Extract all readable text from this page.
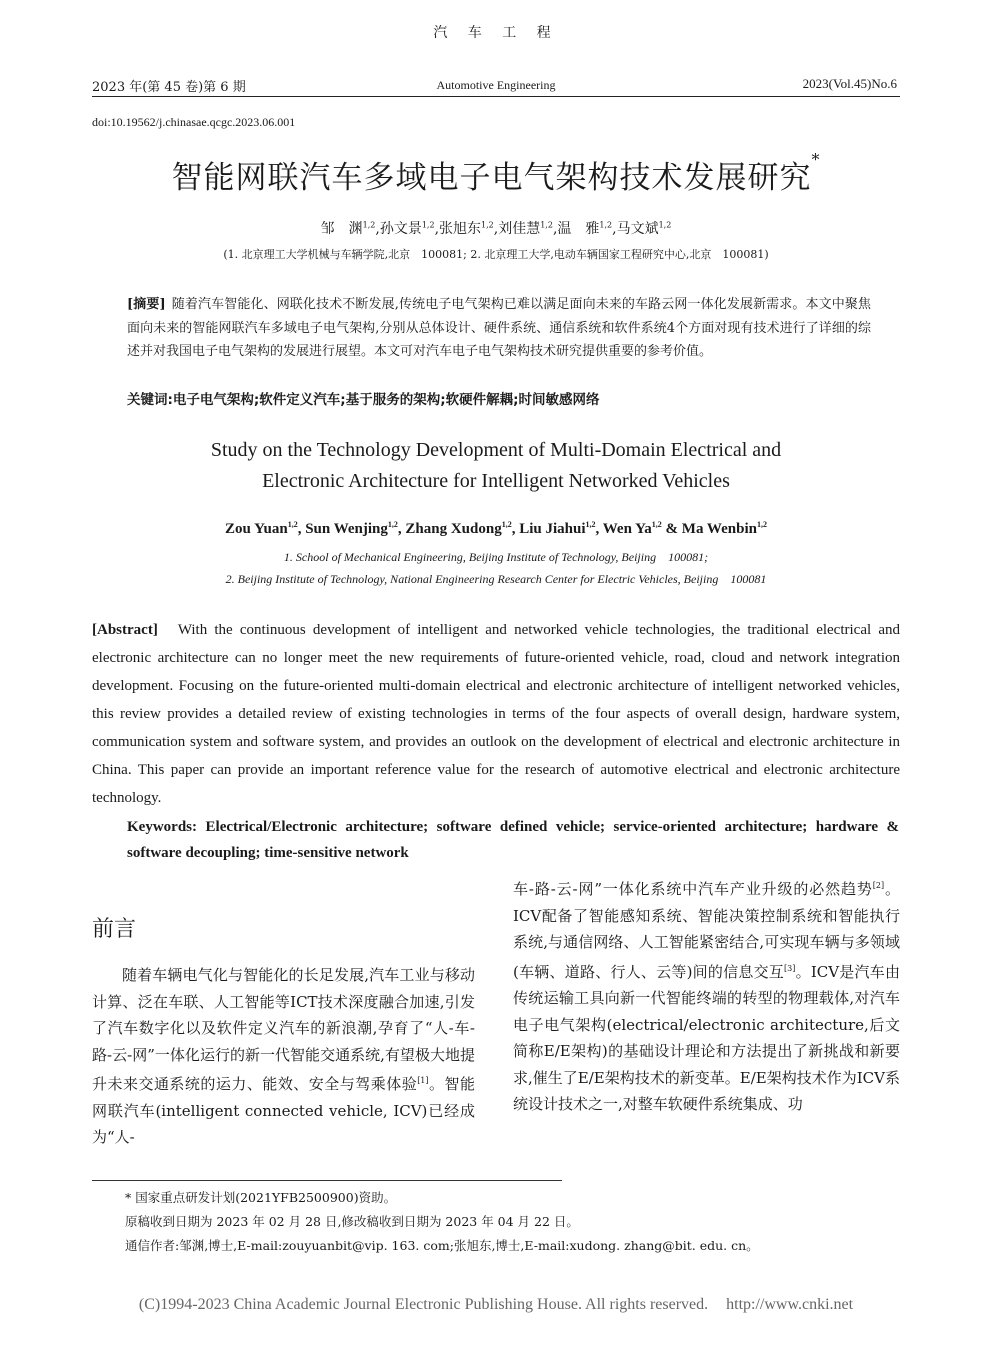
汽 车 工 程
2023 年(第 45 卷)第 6 期	Automotive Engineering	2023(Vol.45)No.6
doi:10.19562/j.chinasae.qcgc.2023.06.001
智能网联汽车多域电子电气架构技术发展研究*
邹　渊$^{1,2}$,孙文景$^{1,2}$,张旭东$^{1,2}$,刘佳慧$^{1,2}$,温　雅$^{1,2}$,马文斌$^{1,2}$
(1. 北京理工大学机械与车辆学院,北京　100081; 2. 北京理工大学,电动车辆国家工程研究中心,北京　100081)
[摘要] 随着汽车智能化、网联化技术不断发展,传统电子电气架构已难以满足面向未来的车路云网一体化发展新需求。本文中聚焦面向未来的智能网联汽车多域电子电气架构,分别从总体设计、硬件系统、通信系统和软件系统4个方面对现有技术进行了详细的综述并对我国电子电气架构的发展进行展望。本文可对汽车电子电气架构技术研究提供重要的参考价值。
关键词:电子电气架构;软件定义汽车;基于服务的架构;软硬件解耦;时间敏感网络
Study on the Technology Development of Multi-Domain Electrical and
Electronic Architecture for Intelligent Networked Vehicles
Zou Yuan$^{1,2}$, Sun Wenjing$^{1,2}$, Zhang Xudong$^{1,2}$, Liu Jiahui$^{1,2}$, Wen Ya$^{1,2}$ & Ma Wenbin$^{1,2}$
1. School of Mechanical Engineering, Beijing Institute of Technology, Beijing　100081;
2. Beijing Institute of Technology, National Engineering Research Center for Electric Vehicles, Beijing　100081
[Abstract] With the continuous development of intelligent and networked vehicle technologies, the traditional electrical and electronic architecture can no longer meet the new requirements of future-oriented vehicle, road, cloud and network integration development. Focusing on the future-oriented multi-domain electrical and electronic architecture of intelligent networked vehicles, this review provides a detailed review of existing technologies in terms of the four aspects of overall design, hardware system, communication system and software system, and provides an outlook on the development of electrical and electronic architecture in China. This paper can provide an important reference value for the research of automotive electrical and electronic architecture technology.
Keywords: Electrical/Electronic architecture; software defined vehicle; service-oriented architecture; hardware & software decoupling; time-sensitive network
前言
随着车辆电气化与智能化的长足发展,汽车工业与移动计算、泛在车联、人工智能等ICT技术深度融合加速,引发了汽车数字化以及软件定义汽车的新浪潮,孕育了“人-车-路-云-网”一体化运行的新一代智能交通系统,有望极大地提升未来交通系统的运力、能效、安全与驾乘体验[1]。智能网联汽车(intelligent connected vehicle, ICV)已经成为“人-
车-路-云-网”一体化系统中汽车产业升级的必然趋势[2]。ICV配备了智能感知系统、智能决策控制系统和智能执行系统,与通信网络、人工智能紧密结合,可实现车辆与多领域(车辆、道路、行人、云等)间的信息交互[3]。ICV是汽车由传统运输工具向新一代智能终端的转型的物理载体,对汽车电子电气架构(electrical/electronic architecture,后文简称E/E架构)的基础设计理论和方法提出了新挑战和新要求,催生了E/E架构技术的新变革。E/E架构技术作为ICV系统设计技术之一,对整车软硬件系统集成、功
* 国家重点研发计划(2021YFB2500900)资助。
原稿收到日期为 2023 年 02 月 28 日,修改稿收到日期为 2023 年 04 月 22 日。
通信作者:邹渊,博士,E-mail:zouyuanbit@vip. 163. com;张旭东,博士,E-mail:xudong. zhang@bit. edu. cn。
(C)1994-2023 China Academic Journal Electronic Publishing House. All rights reserved. http://www.cnki.net
